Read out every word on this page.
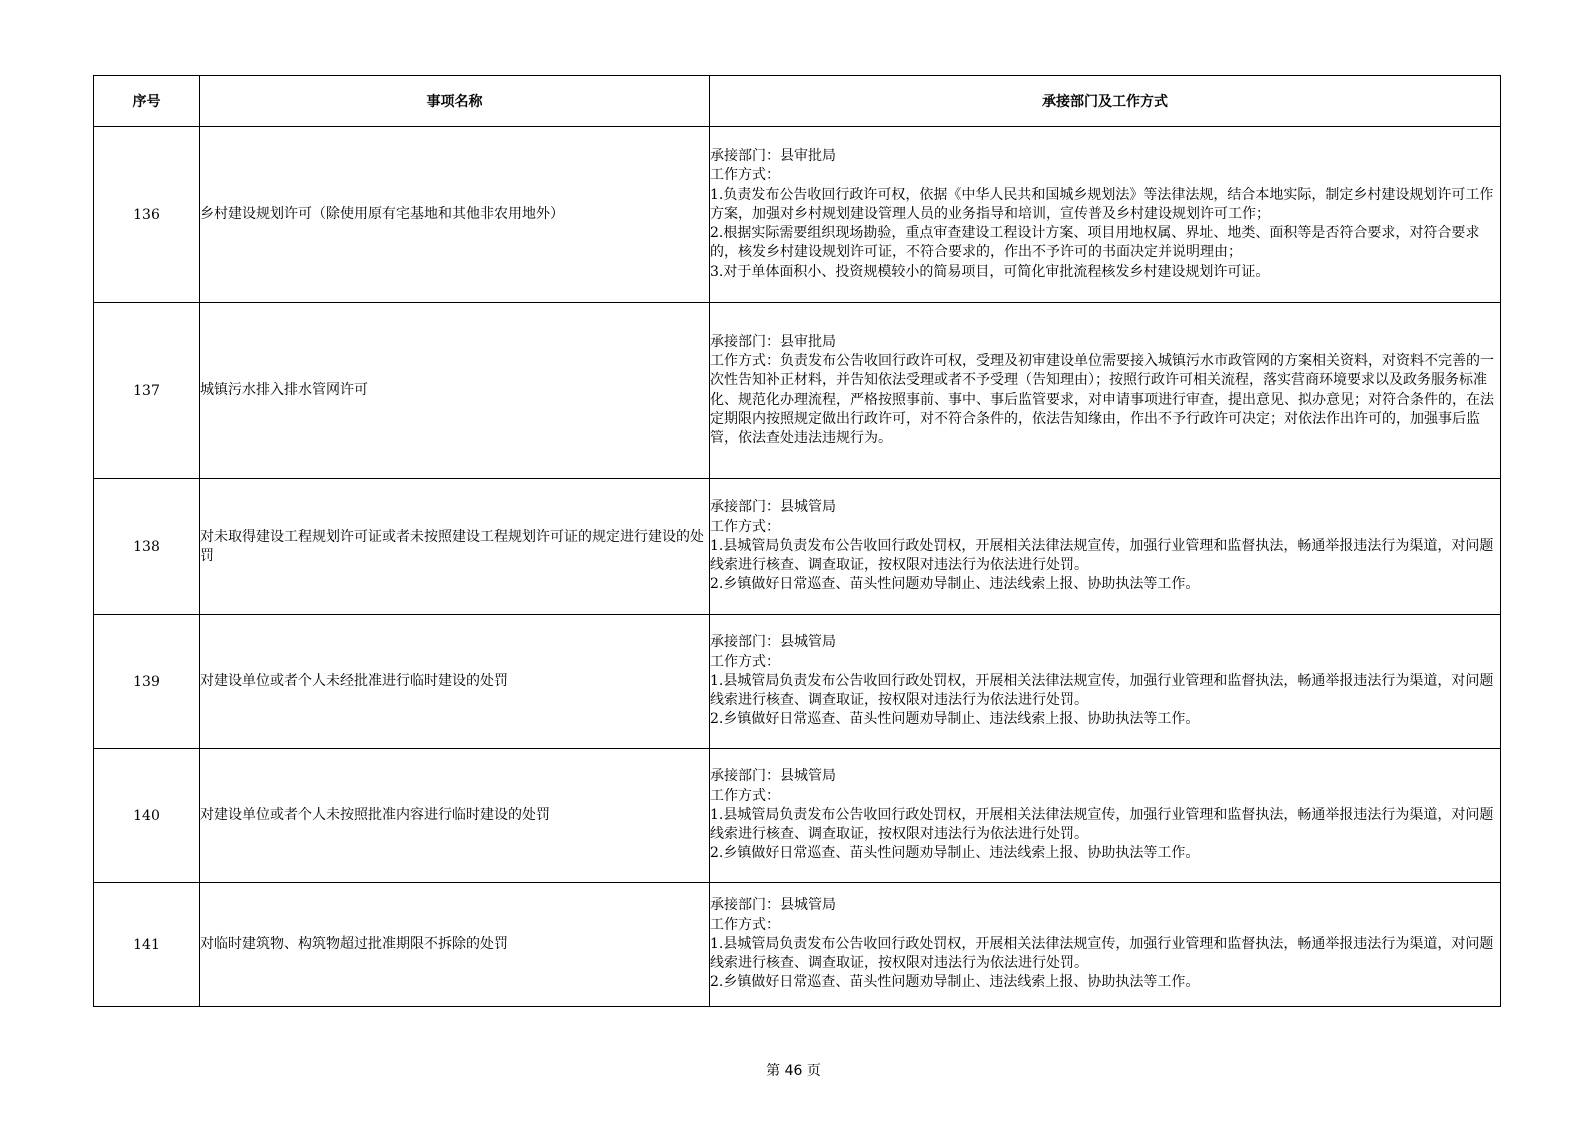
序号	事项名称	承接部门及工作方式
136	乡村建设规划许可（除使用原有宅基地和其他非农用地外）	承接部门：县审批局
工作方式：
1.负责发布公告收回行政许可权，依据《中华人民共和国城乡规划法》等法律法规，结合本地实际，制定乡村建设规划许可工作方案，加强对乡村规划建设管理人员的业务指导和培训，宣传普及乡村建设规划许可工作；
2.根据实际需要组织现场勘验，重点审查建设工程设计方案、项目用地权属、界址、地类、面积等是否符合要求，对符合要求的，核发乡村建设规划许可证，不符合要求的，作出不予许可的书面决定并说明理由；
3.对于单体面积小、投资规模较小的简易项目，可简化审批流程核发乡村建设规划许可证。

137	城镇污水排入排水管网许可	承接部门：县审批局
工作方式：负责发布公告收回行政许可权，受理及初审建设单位需要接入城镇污水市政管网的方案相关资料，对资料不完善的一次性告知补正材料，并告知依法受理或者不予受理（告知理由）；按照行政许可相关流程，落实营商环境要求以及政务服务标准化、规范化办理流程，严格按照事前、事中、事后监管要求，对申请事项进行审查，提出意见、拟办意见；对符合条件的，在法定期限内按照规定做出行政许可，对不符合条件的，依法告知缘由，作出不予行政许可决定；对依法作出许可的，加强事后监管，依法查处违法违规行为。

138	对未取得建设工程规划许可证或者未按照建设工程规划许可证的规定进行建设的处罚	承接部门：县城管局
工作方式：
1.县城管局负责发布公告收回行政处罚权，开展相关法律法规宣传，加强行业管理和监督执法，畅通举报违法行为渠道，对问题线索进行核查、调查取证，按权限对违法行为依法进行处罚。
2.乡镇做好日常巡查、苗头性问题劝导制止、违法线索上报、协助执法等工作。

139	对建设单位或者个人未经批准进行临时建设的处罚	承接部门：县城管局
工作方式：
1.县城管局负责发布公告收回行政处罚权，开展相关法律法规宣传，加强行业管理和监督执法，畅通举报违法行为渠道，对问题线索进行核查、调查取证，按权限对违法行为依法进行处罚。
2.乡镇做好日常巡查、苗头性问题劝导制止、违法线索上报、协助执法等工作。

140	对建设单位或者个人未按照批准内容进行临时建设的处罚	承接部门：县城管局
工作方式：
1.县城管局负责发布公告收回行政处罚权，开展相关法律法规宣传，加强行业管理和监督执法，畅通举报违法行为渠道，对问题线索进行核查、调查取证，按权限对违法行为依法进行处罚。
2.乡镇做好日常巡查、苗头性问题劝导制止、违法线索上报、协助执法等工作。

141	对临时建筑物、构筑物超过批准期限不拆除的处罚	承接部门：县城管局
工作方式：
1.县城管局负责发布公告收回行政处罚权，开展相关法律法规宣传，加强行业管理和监督执法，畅通举报违法行为渠道，对问题线索进行核查、调查取证，按权限对违法行为依法进行处罚。
2.乡镇做好日常巡查、苗头性问题劝导制止、违法线索上报、协助执法等工作。
第 46 页
